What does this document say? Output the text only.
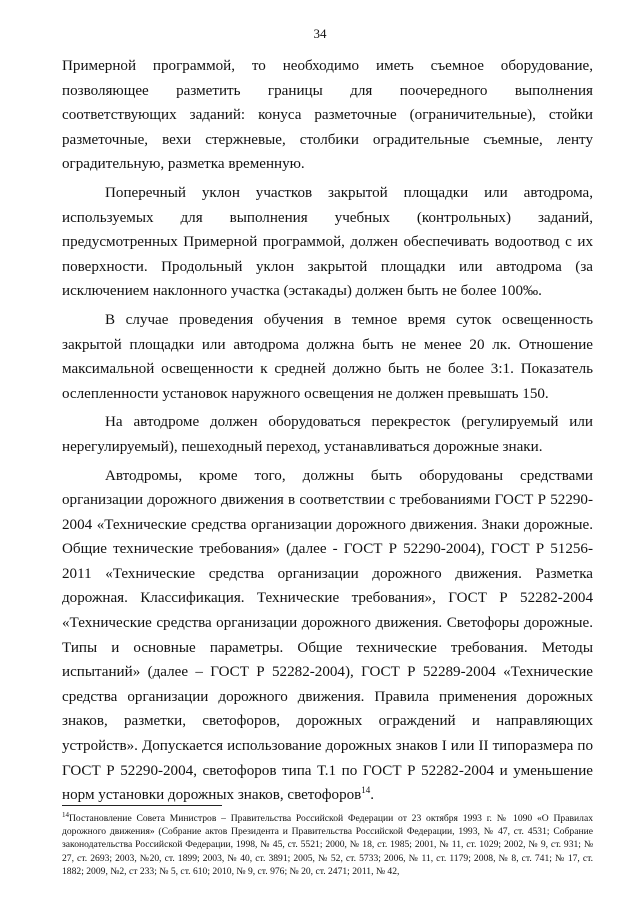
34

Примерной программой, то необходимо иметь съемное оборудование, позволяющее разметить границы для поочередного выполнения соответствующих заданий: конуса разметочные (ограничительные), стойки разметочные, вехи стержневые, столбики оградительные съемные, ленту оградительную, разметка временную.

Поперечный уклон участков закрытой площадки или автодрома, используемых для выполнения учебных (контрольных) заданий, предусмотренных Примерной программой, должен обеспечивать водоотвод с их поверхности. Продольный уклон закрытой площадки или автодрома (за исключением наклонного участка (эстакады) должен быть не более 100‰.

В случае проведения обучения в темное время суток освещенность закрытой площадки или автодрома должна быть не менее 20 лк. Отношение максимальной освещенности к средней должно быть не более 3:1. Показатель ослепленности установок наружного освещения не должен превышать 150.

На автодроме должен оборудоваться перекресток (регулируемый или нерегулируемый), пешеходный переход, устанавливаться дорожные знаки.

Автодромы, кроме того, должны быть оборудованы средствами организации дорожного движения в соответствии с требованиями ГОСТ Р 52290-2004 «Технические средства организации дорожного движения. Знаки дорожные. Общие технические требования» (далее - ГОСТ Р 52290-2004), ГОСТ Р 51256-2011 «Технические средства организации дорожного движения. Разметка дорожная. Классификация. Технические требования», ГОСТ Р 52282-2004 «Технические средства организации дорожного движения. Светофоры дорожные. Типы и основные параметры. Общие технические требования. Методы испытаний» (далее – ГОСТ Р 52282-2004), ГОСТ Р 52289-2004 «Технические средства организации дорожного движения. Правила применения дорожных знаков, разметки, светофоров, дорожных ограждений и направляющих устройств». Допускается использование дорожных знаков I или II типоразмера по ГОСТ Р 52290-2004, светофоров типа Т.1 по ГОСТ Р 52282-2004 и уменьшение норм установки дорожных знаков, светофоров$^{14}$.

$^{14}$Постановление Совета Министров – Правительства Российской Федерации от 23 октября 1993 г. № 1090 «О Правилах дорожного движения» (Собрание актов Президента и Правительства Российской Федерации, 1993, № 47, ст. 4531; Собрание законодательства Российской Федерации, 1998, № 45, ст. 5521; 2000, № 18, ст. 1985; 2001, № 11, ст. 1029; 2002, № 9, ст. 931; № 27, ст. 2693; 2003, №20, ст. 1899; 2003, № 40, ст. 3891; 2005, № 52, ст. 5733; 2006, № 11, ст. 1179; 2008, № 8, ст. 741; № 17, ст. 1882; 2009, №2, ст 233; № 5, ст. 610; 2010, № 9, ст. 976; № 20, ст. 2471; 2011, № 42,
